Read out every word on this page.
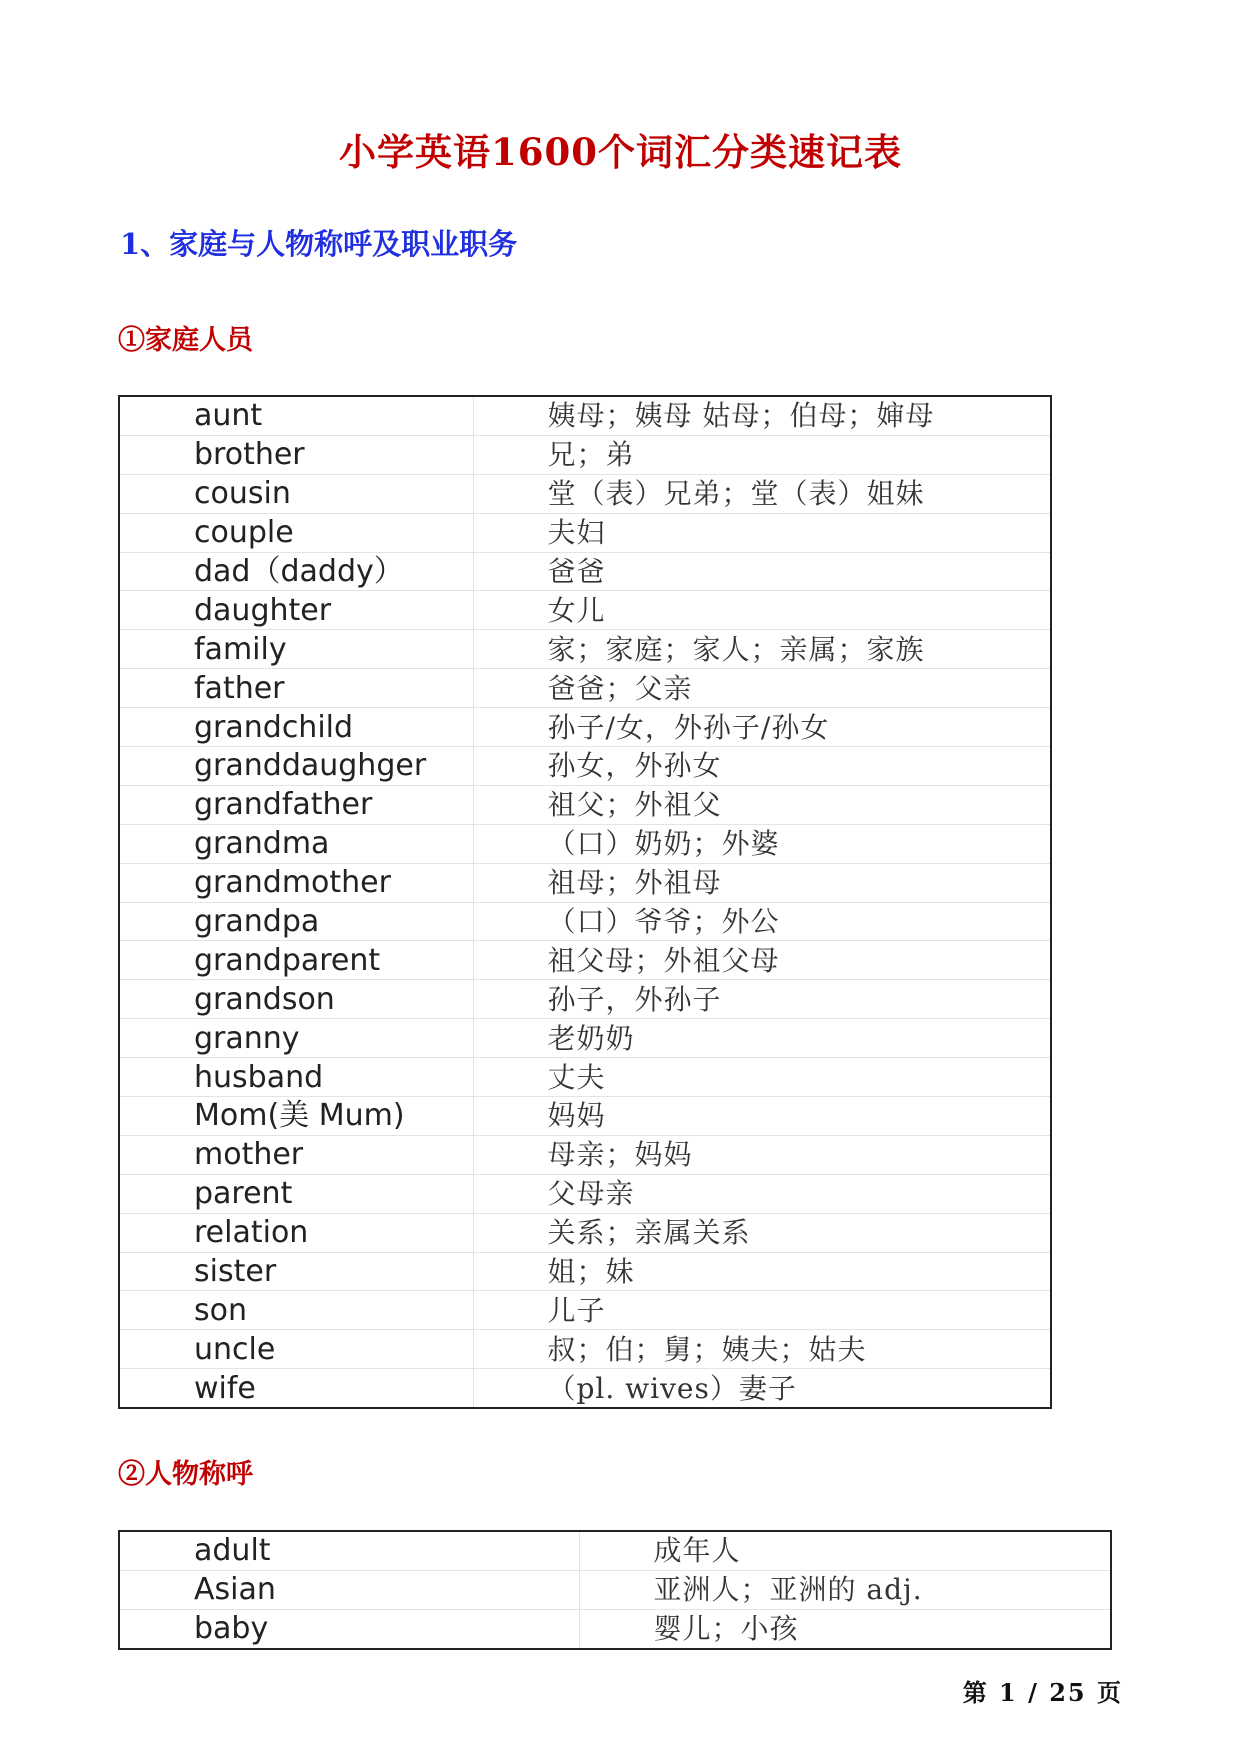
小学英语1600个词汇分类速记表
1、家庭与人物称呼及职业职务
①家庭人员
aunt	姨母；姨母 姑母；伯母；婶母
brother	兄；弟
cousin	堂（表）兄弟；堂（表）姐妹
couple	夫妇
dad（daddy）	爸爸
daughter	女儿
family	家；家庭；家人；亲属；家族
father	爸爸；父亲
grandchild	孙子/女，外孙子/孙女
granddaughger	孙女，外孙女
grandfather	祖父；外祖父
grandma	（口）奶奶；外婆
grandmother	祖母；外祖母
grandpa	（口）爷爷；外公
grandparent	祖父母；外祖父母
grandson	孙子，外孙子
granny	老奶奶
husband	丈夫
Mom(美 Mum)	妈妈
mother	母亲；妈妈
parent	父母亲
relation	关系；亲属关系
sister	姐；妹
son	儿子
uncle	叔；伯；舅；姨夫；姑夫
wife	（pl. wives）妻子
②人物称呼
adult	成年人
Asian	亚洲人；亚洲的 adj.
baby	婴儿；小孩
第 1 / 25 页
